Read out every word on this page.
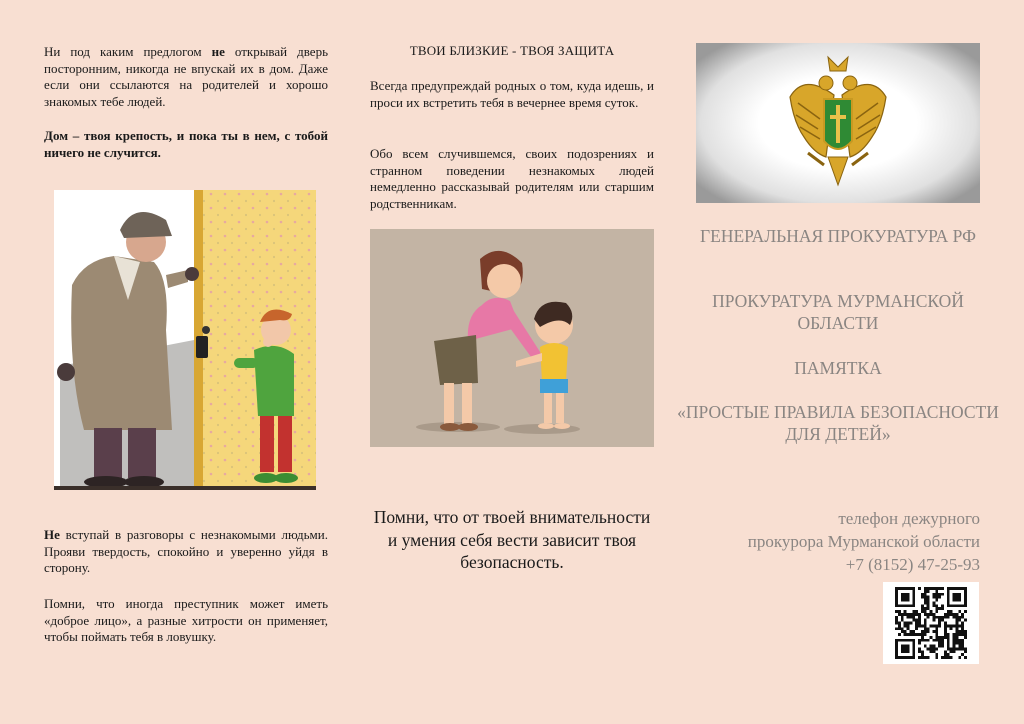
Ни под каким предлогом не открывай дверь посторонним, никогда не впускай их в дом. Даже если они ссылаются на родителей и хорошо знакомых тебе людей.

Дом – твоя крепость, и пока ты в нем, с тобой ничего не случится.

Не вступай в разговоры с незнакомыми людьми. Прояви твердость, спокойно и уверенно уйдя в сторону.

Помни, что иногда преступник может иметь «доброе лицо», а разные хитрости он применяет, чтобы поймать тебя в ловушку.

ТВОИ БЛИЗКИЕ - ТВОЯ ЗАЩИТА

Всегда предупреждай родных о том, куда идешь, и проси их встретить тебя в вечернее время суток.

Обо всем случившемся, своих подозрениях и странном поведении незнакомых людей немедленно рассказывай родителям или старшим родственникам.

Помни, что от твоей внимательности и умения себя вести зависит твоя безопасность.
ГЕНЕРАЛЬНАЯ ПРОКУРАТУРА РФ
ПРОКУРАТУРА МУРМАНСКОЙ ОБЛАСТИ
ПАМЯТКА
«ПРОСТЫЕ ПРАВИЛА БЕЗОПАСНОСТИ ДЛЯ ДЕТЕЙ»
телефон дежурного
прокурора Мурманской области
+7 (8152) 47-25-93
